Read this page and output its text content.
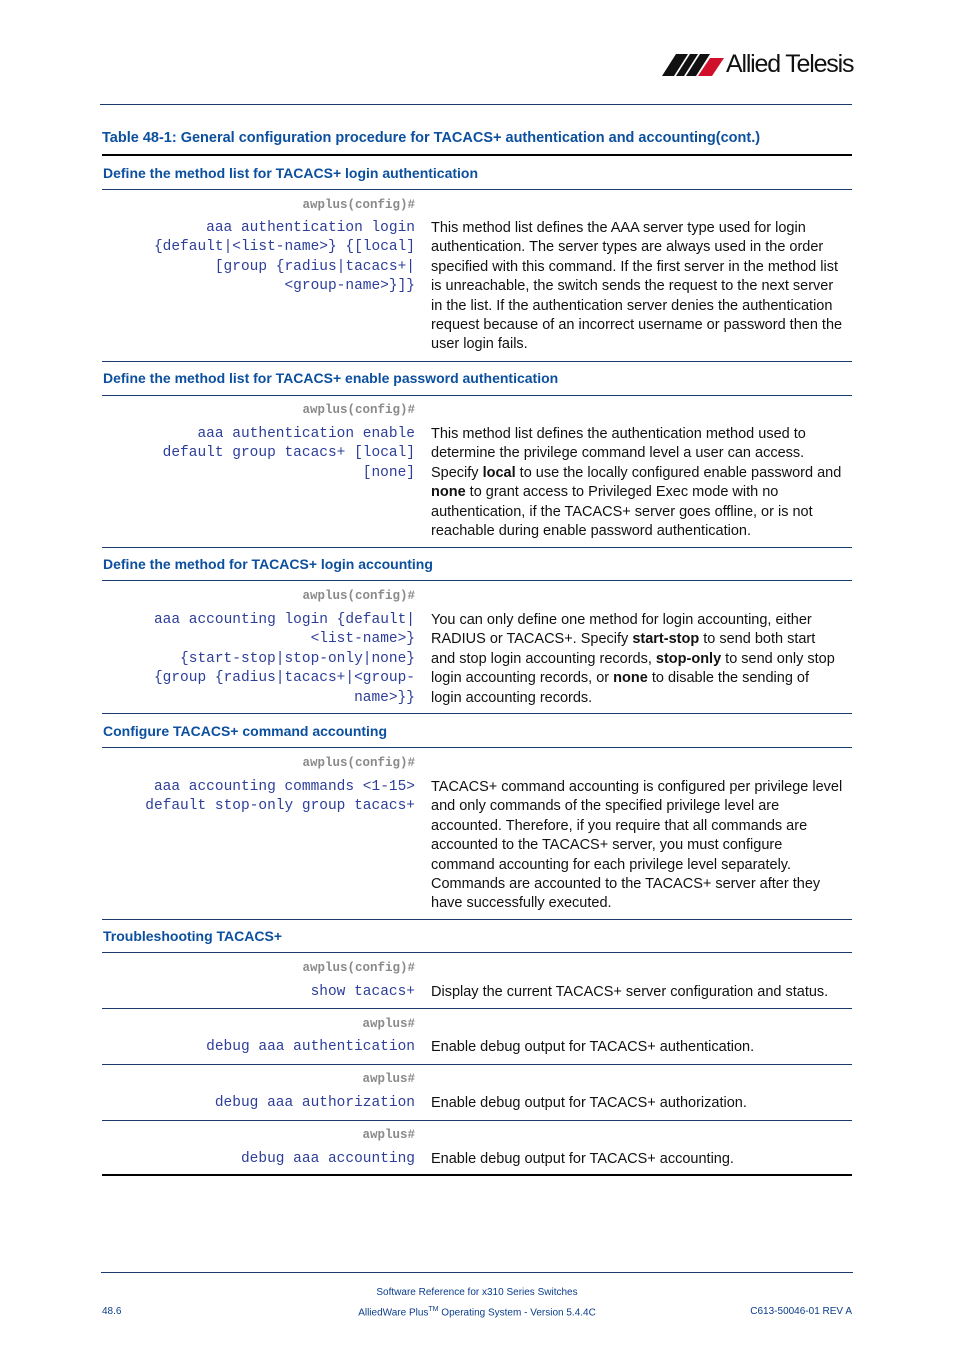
Allied Telesis
Table 48-1: General configuration procedure for TACACS+ authentication and accounting(cont.)
Define the method list for TACACS+ login authentication
awplus(config)#
aaa authentication login
{default|<list-name>} {[local]
[group {radius|tacacs+|
<group-name>}]}
This method list defines the AAA server type used for login authentication. The server types are always used in the order specified with this command. If the first server in the method list is unreachable, the switch sends the request to the next server in the list. If the authentication server denies the authentication request because of an incorrect username or password then the user login fails.
Define the method list for TACACS+ enable password authentication
awplus(config)#
aaa authentication enable
default group tacacs+ [local]
[none]
This method list defines the authentication method used to determine the privilege command level a user can access. Specify local to use the locally configured enable password and none to grant access to Privileged Exec mode with no authentication, if the TACACS+ server goes offline, or is not reachable during enable password authentication.
Define the method for TACACS+ login accounting
awplus(config)#
aaa accounting login {default|
<list-name>}
{start-stop|stop-only|none}
{group {radius|tacacs+|<group-
name>}}
You can only define one method for login accounting, either RADIUS or TACACS+. Specify start-stop to send both start and stop login accounting records, stop-only to send only stop login accounting records, or none to disable the sending of login accounting records.
Configure TACACS+ command accounting
awplus(config)#
aaa accounting commands <1-15>
default stop-only group tacacs+
TACACS+ command accounting is configured per privilege level and only commands of the specified privilege level are accounted. Therefore, if you require that all commands are accounted to the TACACS+ server, you must configure command accounting for each privilege level separately. Commands are accounted to the TACACS+ server after they have successfully executed.
Troubleshooting TACACS+
awplus(config)#
show tacacs+ Display the current TACACS+ server configuration and status.
awplus#
debug aaa authentication Enable debug output for TACACS+ authentication.
awplus#
debug aaa authorization Enable debug output for TACACS+ authorization.
awplus#
debug aaa accounting Enable debug output for TACACS+ accounting.
Software Reference for x310 Series Switches
48.6	AlliedWare Plus™ Operating System - Version 5.4.4C	C613-50046-01 REV A
